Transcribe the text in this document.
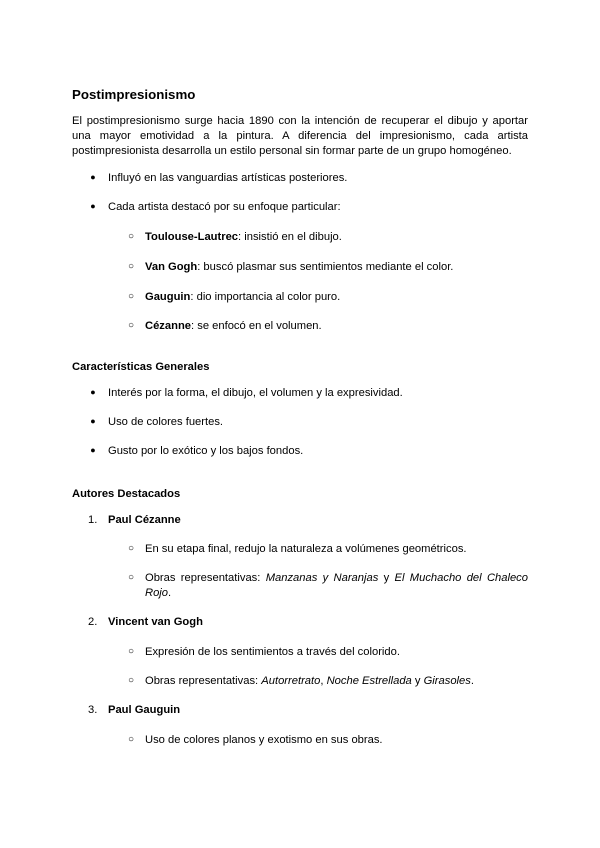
Postimpresionismo

El postimpresionismo surge hacia 1890 con la intención de recuperar el dibujo y aportar una mayor emotividad a la pintura. A diferencia del impresionismo, cada artista postimpresionista desarrolla un estilo personal sin formar parte de un grupo homogéneo.

● Influyó en las vanguardias artísticas posteriores.
● Cada artista destacó por su enfoque particular:
○ Toulouse-Lautrec: insistió en el dibujo.
○ Van Gogh: buscó plasmar sus sentimientos mediante el color.
○ Gauguin: dio importancia al color puro.
○ Cézanne: se enfocó en el volumen.
Características Generales
● Interés por la forma, el dibujo, el volumen y la expresividad.
● Uso de colores fuertes.
● Gusto por lo exótico y los bajos fondos.
Autores Destacados
1. Paul Cézanne
○ En su etapa final, redujo la naturaleza a volúmenes geométricos.
○ Obras representativas: Manzanas y Naranjas y El Muchacho del Chaleco Rojo.
2. Vincent van Gogh
○ Expresión de los sentimientos a través del colorido.
○ Obras representativas: Autorretrato, Noche Estrellada y Girasoles.
3. Paul Gauguin
○ Uso de colores planos y exotismo en sus obras.
